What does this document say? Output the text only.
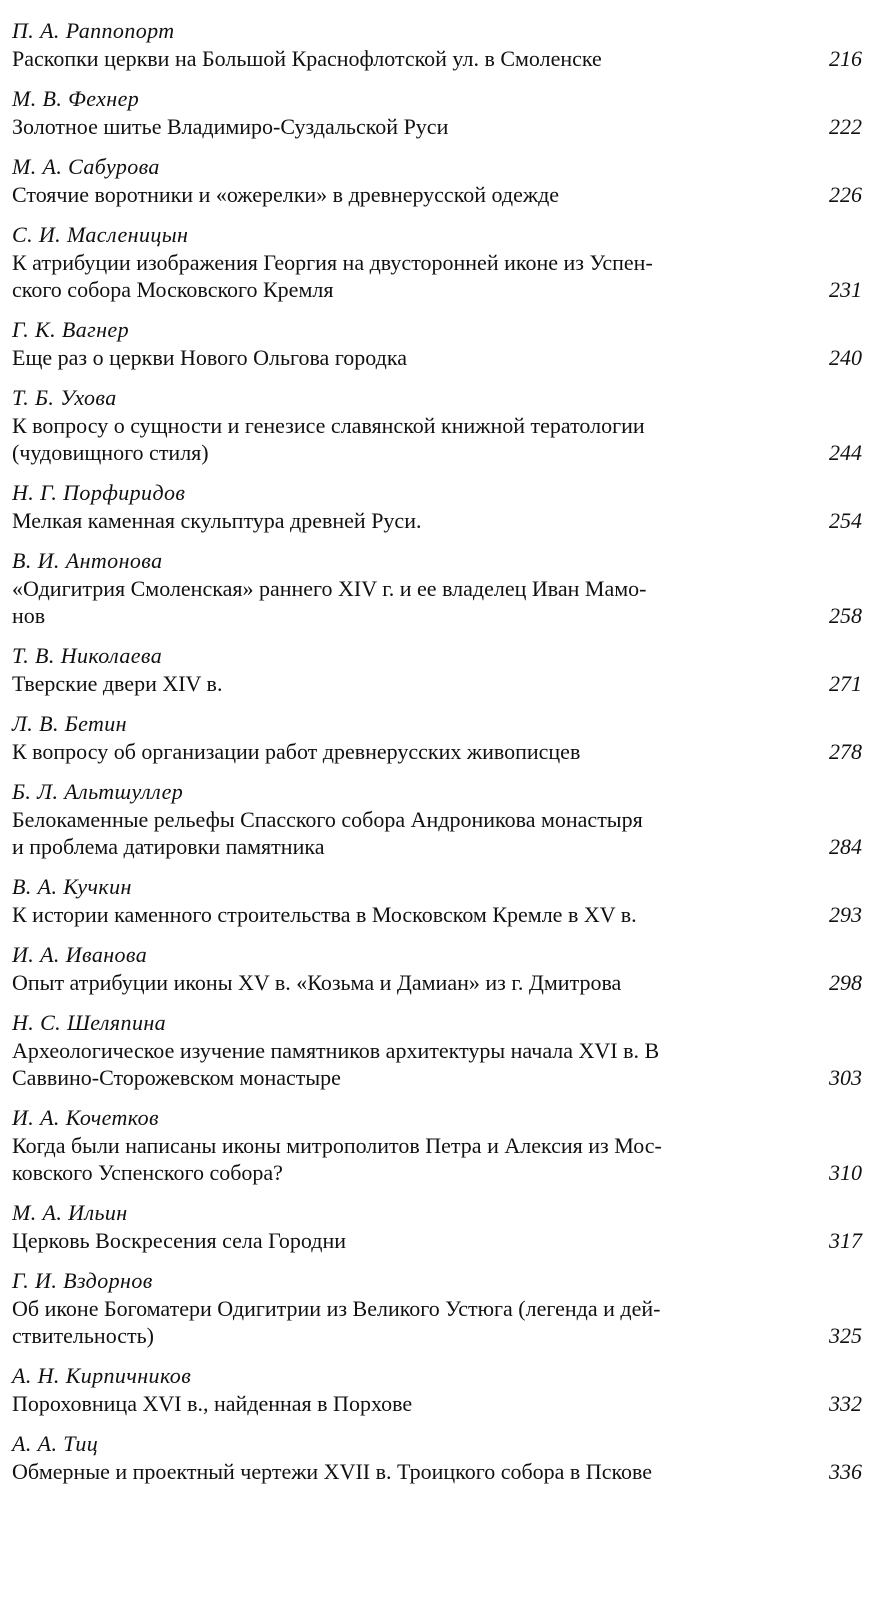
П. А. Раппопорт
Раскопки церкви на Большой Краснофлотской ул. в Смоленске	216
М. В. Фехнер
Золотное шитье Владимиро-Суздальской Руси	222
М. А. Сабурова
Стоячие воротники и «ожерелки» в древнерусской одежде	226
С. И. Масленицын
К атрибуции изображения Георгия на двусторонней иконе из Успен-
ского собора Московского Кремля	231
Г. К. Вагнер
Еще раз о церкви Нового Ольгова городка	240
Т. Б. Ухова
К вопросу о сущности и генезисе славянской книжной тератологии
(чудовищного стиля)	244
Н. Г. Порфиридов
Мелкая каменная скульптура древней Руси.	254
В. И. Антонова
«Одигитрия Смоленская» раннего XIV г. и ее владелец Иван Мамо-
нов	258
Т. В. Николаева
Тверские двери XIV в.	271
Л. В. Бетин
К вопросу об организации работ древнерусских живописцев	278
Б. Л. Альтшуллер
Белокаменные рельефы Спасского собора Андроникова монастыря
и проблема датировки памятника	284
В. А. Кучкин
К истории каменного строительства в Московском Кремле в XV в.	293
И. А. Иванова
Опыт атрибуции иконы XV в. «Козьма и Дамиан» из г. Дмитрова	298
Н. С. Шеляпина
Археологическое изучение памятников архитектуры начала XVI в. В
Саввино-Сторожевском монастыре	303
И. А. Кочетков
Когда были написаны иконы митрополитов Петра и Алексия из Мос-
ковского Успенского собора?	310
М. А. Ильин
Церковь Воскресения села Городни	317
Г. И. Вздорнов
Об иконе Богоматери Одигитрии из Великого Устюга (легенда и дей-
ствительность)	325
А. Н. Кирпичников
Пороховница XVI в., найденная в Порхове	332
А. А. Тиц
Обмерные и проектный чертежи XVII в. Троицкого собора в Пскове	336
